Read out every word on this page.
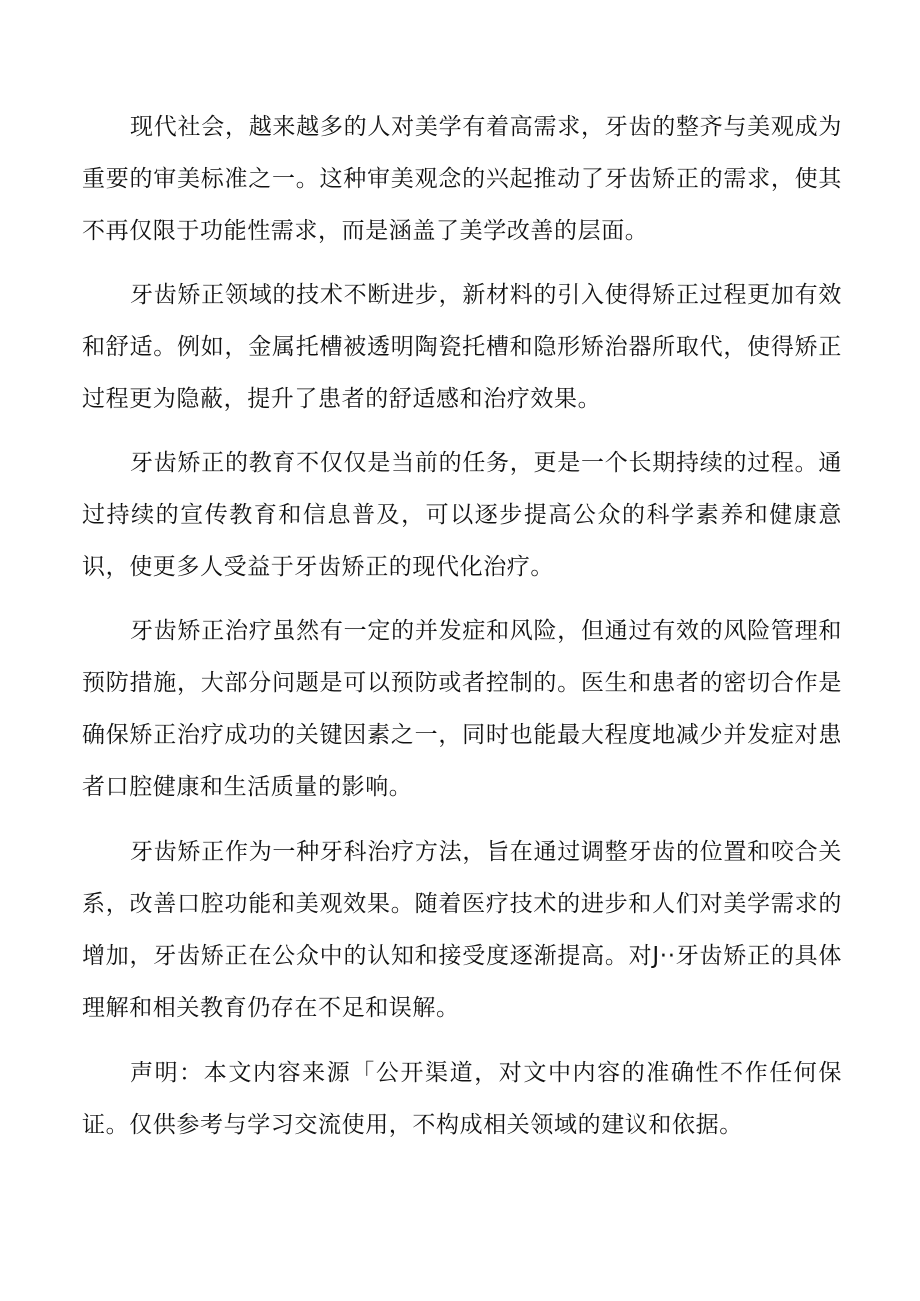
现代社会，越来越多的人对美学有着高需求，牙齿的整齐与美观成为重要的审美标准之一。这种审美观念的兴起推动了牙齿矫正的需求，使其不再仅限于功能性需求，而是涵盖了美学改善的层面。

牙齿矫正领域的技术不断进步，新材料的引入使得矫正过程更加有效和舒适。例如，金属托槽被透明陶瓷托槽和隐形矫治器所取代，使得矫正过程更为隐蔽，提升了患者的舒适感和治疗效果。

牙齿矫正的教育不仅仅是当前的任务，更是一个长期持续的过程。通过持续的宣传教育和信息普及，可以逐步提高公众的科学素养和健康意识，使更多人受益于牙齿矫正的现代化治疗。

牙齿矫正治疗虽然有一定的并发症和风险，但通过有效的风险管理和预防措施，大部分问题是可以预防或者控制的。医生和患者的密切合作是确保矫正治疗成功的关键因素之一，同时也能最大程度地减少并发症对患者口腔健康和生活质量的影响。

牙齿矫正作为一种牙科治疗方法，旨在通过调整牙齿的位置和咬合关系，改善口腔功能和美观效果。随着医疗技术的进步和人们对美学需求的增加，牙齿矫正在公众中的认知和接受度逐渐提高。对J··牙齿矫正的具体理解和相关教育仍存在不足和误解。

声明：本文内容来源「公开渠道，对文中内容的准确性不作任何保证。仅供参考与学习交流使用，不构成相关领域的建议和依据。
